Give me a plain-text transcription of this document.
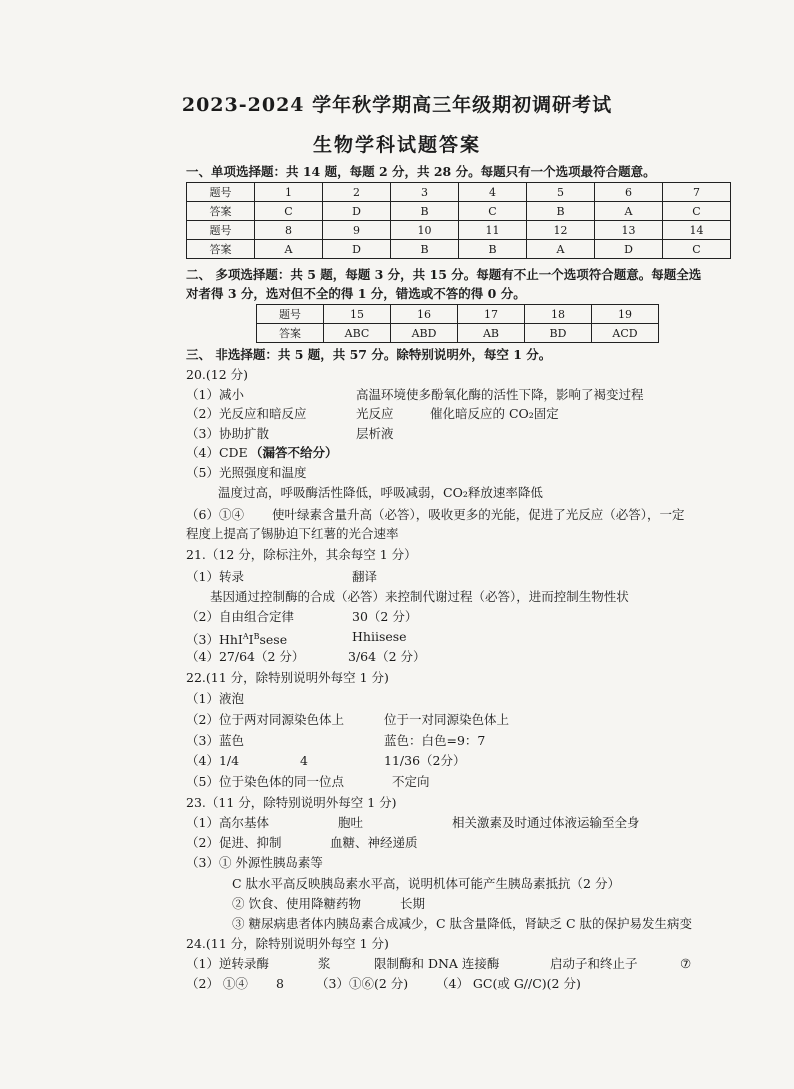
2023-2024 学年秋学期高三年级期初调研考试
生物学科试题答案
一、单项选择题：共 14 题，每题 2 分，共 28 分。每题只有一个选项最符合题意。
题号	1	2	3	4	5	6	7
答案	C	D	B	C	B	A	C
题号	8	9	10	11	12	13	14
答案	A	D	B	B	A	D	C
二、 多项选择题：共 5 题，每题 3 分，共 15 分。每题有不止一个选项符合题意。每题全选
对者得 3 分，选对但不全的得 1 分，错选或不答的得 0 分。
题号	15	16	17	18	19
答案	ABC	ABD	AB	BD	ACD
三、 非选择题：共 5 题，共 57 分。除特别说明外，每空 1 分。
20.(12 分)
（1）减小	高温环境使多酚氧化酶的活性下降，影响了褐变过程
（2）光反应和暗反应	光反应	催化暗反应的 CO₂固定
（3）协助扩散	层析液
（4）CDE （漏答不给分）
（5）光照强度和温度
温度过高，呼吸酶活性降低，呼吸减弱，CO₂释放速率降低
（6）①④ 使叶绿素含量升高（必答），吸收更多的光能，促进了光反应（必答），一定
程度上提高了锡胁迫下红薯的光合速率
21.（12 分，除标注外，其余每空 1 分）
（1）转录	翻译
基因通过控制酶的合成（必答）来控制代谢过程（必答），进而控制生物性状
（2）自由组合定律	30（2 分）
$(3)HhI^AI^Bsese$	Hhiisese
（4）27/64（2 分）	3/64（2 分）
22.(11 分，除特别说明外每空 1 分)
（1）液泡
（2）位于两对同源染色体上	位于一对同源染色体上
（3）蓝色	蓝色：白色=9：7
（4）1/4	4	11/36（2分）
（5）位于染色体的同一位点	不定向
23.（11 分，除特别说明外每空 1 分)
（1）高尔基体	胞吐	相关激素及时通过体液运输至全身
（2）促进、抑制	血糖、神经递质
（3）① 外源性胰岛素等
C 肽水平高反映胰岛素水平高，说明机体可能产生胰岛素抵抗（2 分）
② 饮食、使用降糖药物	长期
③ 糖尿病患者体内胰岛素合成减少，C 肽含量降低，肾缺乏 C 肽的保护易发生病变
24.(11 分，除特别说明外每空 1 分)
（1）逆转录酶	浆	限制酶和 DNA 连接酶	启动子和终止子	⑦
（2） ①④ 8	（3）①⑥(2 分) （4） GC(或 G//C)(2 分)
